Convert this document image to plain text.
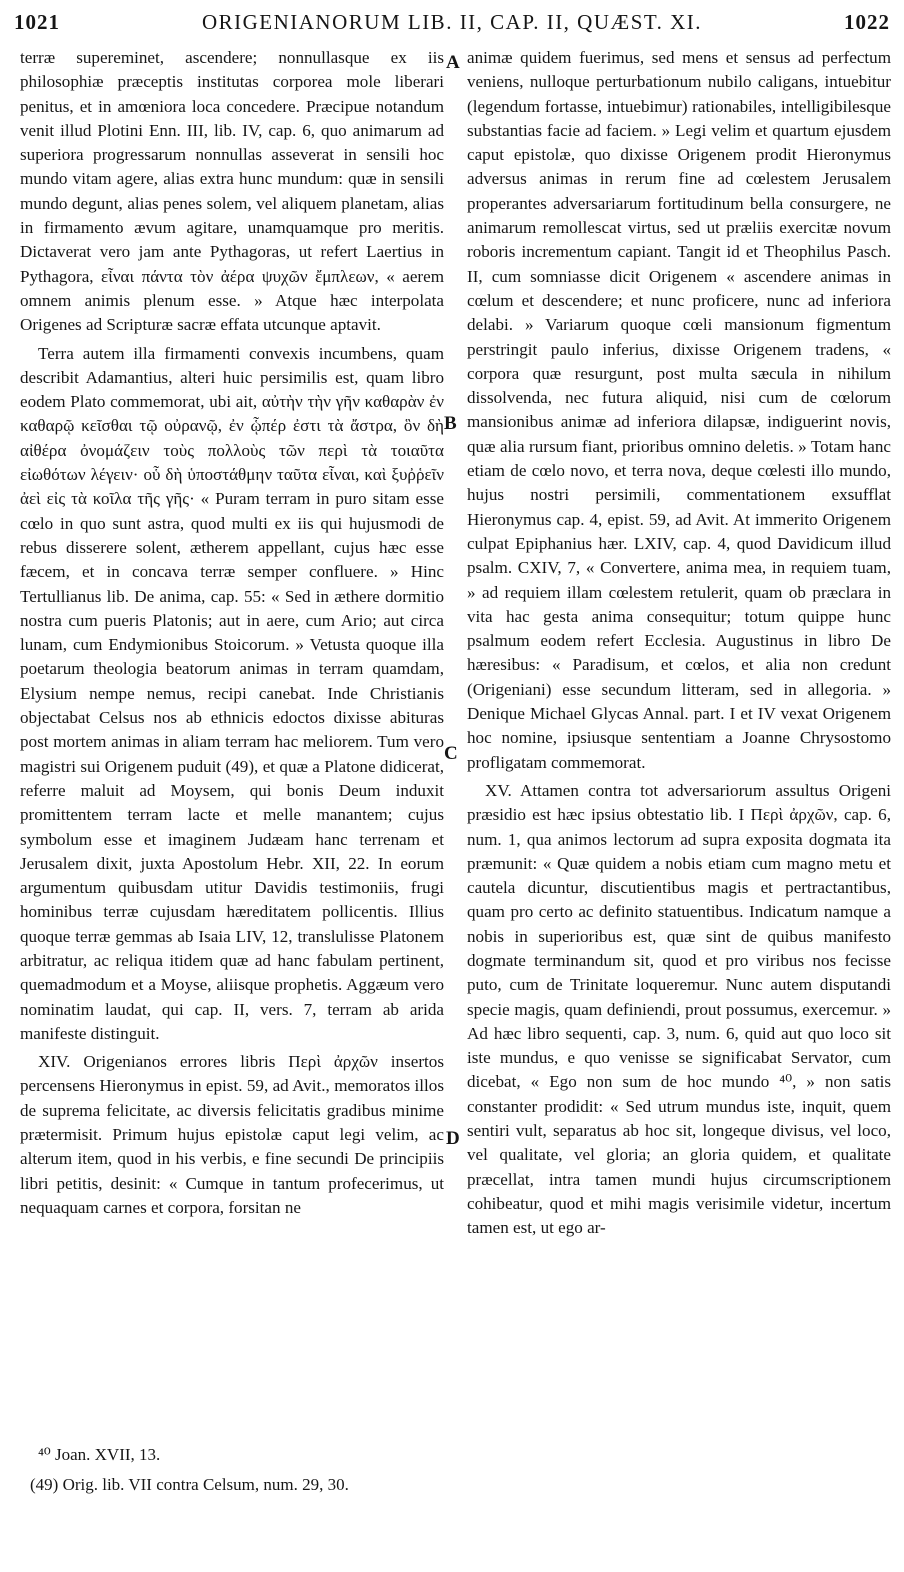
1021	ORIGENIANORUM LIB. II, CAP. II, QUÆST. XI.	1022

terræ supereminet, ascendere; nonnullasque ex iis philosophiæ præceptis institutas corporea mole liberari penitus, et in amœniora loca concedere. Præcipue notandum venit illud Plotini Enn. III, lib. IV, cap. 6, quo animarum ad superiora progressarum nonnullas asseverat in sensili hoc mundo vitam agere, alias extra hunc mundum: quæ in sensili mundo degunt, alias penes solem, vel aliquem planetam, alias in firmamento ævum agitare, unamquamque pro meritis. Dictaverat vero jam ante Pythagoras, ut refert Laertius in Pythagora, εἶναι πάντα τὸν ἀέρα ψυχῶν ἔμπλεων, « aerem omnem animis plenum esse. » Atque hæc interpolata Origenes ad Scripturæ sacræ effata utcunque aptavit.

Terra autem illa firmamenti convexis incumbens, quam describit Adamantius, alteri huic persimilis est, quam libro eodem Plato commemorat, ubi ait, αὐτὴν τὴν γῆν καθαρὰν ἐν καθαρῷ κεῖσθαι τῷ οὐρανῷ, ἐν ᾧπέρ ἐστι τὰ ἄστρα, ὃν δὴ αἰθέρα ὀνομάζειν τοὺς πολλοὺς τῶν περὶ τὰ τοιαῦτα εἰωθότων λέγειν· οὗ δὴ ὑποστάθμην ταῦτα εἶναι, καὶ ξυῤῥεῖν ἀεὶ εἰς τὰ κοῖλα τῆς γῆς· « Puram terram in puro sitam esse cœlo in quo sunt astra, quod multi ex iis qui hujusmodi de rebus disserere solent, ætherem appellant, cujus hæc esse fæcem, et in concava terræ semper confluere. » Hinc Tertullianus lib. De anima, cap. 55: « Sed in æthere dormitio nostra cum pueris Platonis; aut in aere, cum Ario; aut circa lunam, cum Endymionibus Stoicorum. » Vetusta quoque illa poetarum theologia beatorum animas in terram quamdam, Elysium nempe nemus, recipi canebat. Inde Christianis objectabat Celsus nos ab ethnicis edoctos dixisse abituras post mortem animas in aliam terram hac meliorem. Tum vero magistri sui Origenem puduit (49), et quæ a Platone didicerat, referre maluit ad Moysem, qui bonis Deum induxit promittentem terram lacte et melle manantem; cujus symbolum esse et imaginem Judæam hanc terrenam et Jerusalem dixit, juxta Apostolum Hebr. XII, 22. In eorum argumentum quibusdam utitur Davidis testimoniis, frugi hominibus terræ cujusdam hæreditatem pollicentis. Illius quoque terræ gemmas ab Isaia LIV, 12, translulisse Platonem arbitratur, ac reliqua itidem quæ ad hanc fabulam pertinent, quemadmodum et a Moyse, aliisque prophetis. Aggæum vero nominatim laudat, qui cap. II, vers. 7, terram ab arida manifeste distinguit.

XIV. Origenianos errores libris Περὶ ἀρχῶν insertos percensens Hieronymus in epist. 59, ad Avit., memoratos illos de suprema felicitate, ac diversis felicitatis gradibus minime prætermisit. Primum hujus epistolæ caput legi velim, ac alterum item, quod in his verbis, e fine secundi De principiis libri petitis, desinit: « Cumque in tantum profecerimus, ut nequaquam carnes et corpora, forsitan ne

A
B
C
D

animæ quidem fuerimus, sed mens et sensus ad perfectum veniens, nulloque perturbationum nubilo caligans, intuebitur (legendum fortasse, intuebimur) rationabiles, intelligibilesque substantias facie ad faciem. » Legi velim et quartum ejusdem caput epistolæ, quo dixisse Origenem prodit Hieronymus adversus animas in rerum fine ad cœlestem Jerusalem properantes adversariarum fortitudinum bella consurgere, ne animarum remollescat virtus, sed ut præliis exercitæ novum roboris incrementum capiant. Tangit id et Theophilus Pasch. II, cum somniasse dicit Origenem « ascendere animas in cœlum et descendere; et nunc proficere, nunc ad inferiora delabi. » Variarum quoque cœli mansionum figmentum perstringit paulo inferius, dixisse Origenem tradens, « corpora quæ resurgunt, post multa sæcula in nihilum dissolvenda, nec futura aliquid, nisi cum de cœlorum mansionibus animæ ad inferiora dilapsæ, indiguerint novis, quæ alia rursum fiant, prioribus omnino deletis. » Totam hanc etiam de cœlo novo, et terra nova, deque cœlesti illo mundo, hujus nostri persimili, commentationem exsufflat Hieronymus cap. 4, epist. 59, ad Avit. At immerito Origenem culpat Epiphanius hær. LXIV, cap. 4, quod Davidicum illud psalm. CXIV, 7, « Convertere, anima mea, in requiem tuam, » ad requiem illam cœlestem retulerit, quam ob præclara in vita hac gesta anima consequitur; totum quippe hunc psalmum eodem refert Ecclesia. Augustinus in libro De hæresibus: « Paradisum, et cœlos, et alia non credunt (Origeniani) esse secundum litteram, sed in allegoria. » Denique Michael Glycas Annal. part. I et IV vexat Origenem hoc nomine, ipsiusque sententiam a Joanne Chrysostomo profligatam commemorat.

XV. Attamen contra tot adversariorum assultus Origeni præsidio est hæc ipsius obtestatio lib. I Περὶ ἀρχῶν, cap. 6, num. 1, qua animos lectorum ad supra exposita dogmata ita præmunit: « Quæ quidem a nobis etiam cum magno metu et cautela dicuntur, discutientibus magis et pertractantibus, quam pro certo ac definito statuentibus. Indicatum namque a nobis in superioribus est, quæ sint de quibus manifesto dogmate terminandum sit, quod et pro viribus nos fecisse puto, cum de Trinitate loqueremur. Nunc autem disputandi specie magis, quam definiendi, prout possumus, exercemur. » Ad hæc libro sequenti, cap. 3, num. 6, quid aut quo loco sit iste mundus, e quo venisse se significabat Servator, cum dicebat, « Ego non sum de hoc mundo ⁴⁰, » non satis constanter prodidit: « Sed utrum mundus iste, inquit, quem sentiri vult, separatus ab hoc sit, longeque divisus, vel loco, vel qualitate, vel gloria; an gloria quidem, et qualitate præcellat, intra tamen mundi hujus circumscriptionem cohibeatur, quod et mihi magis verisimile videtur, incertum tamen est, ut ego ar-

⁴⁰ Joan. XVII, 13.
(49) Orig. lib. VII contra Celsum, num. 29, 30.
